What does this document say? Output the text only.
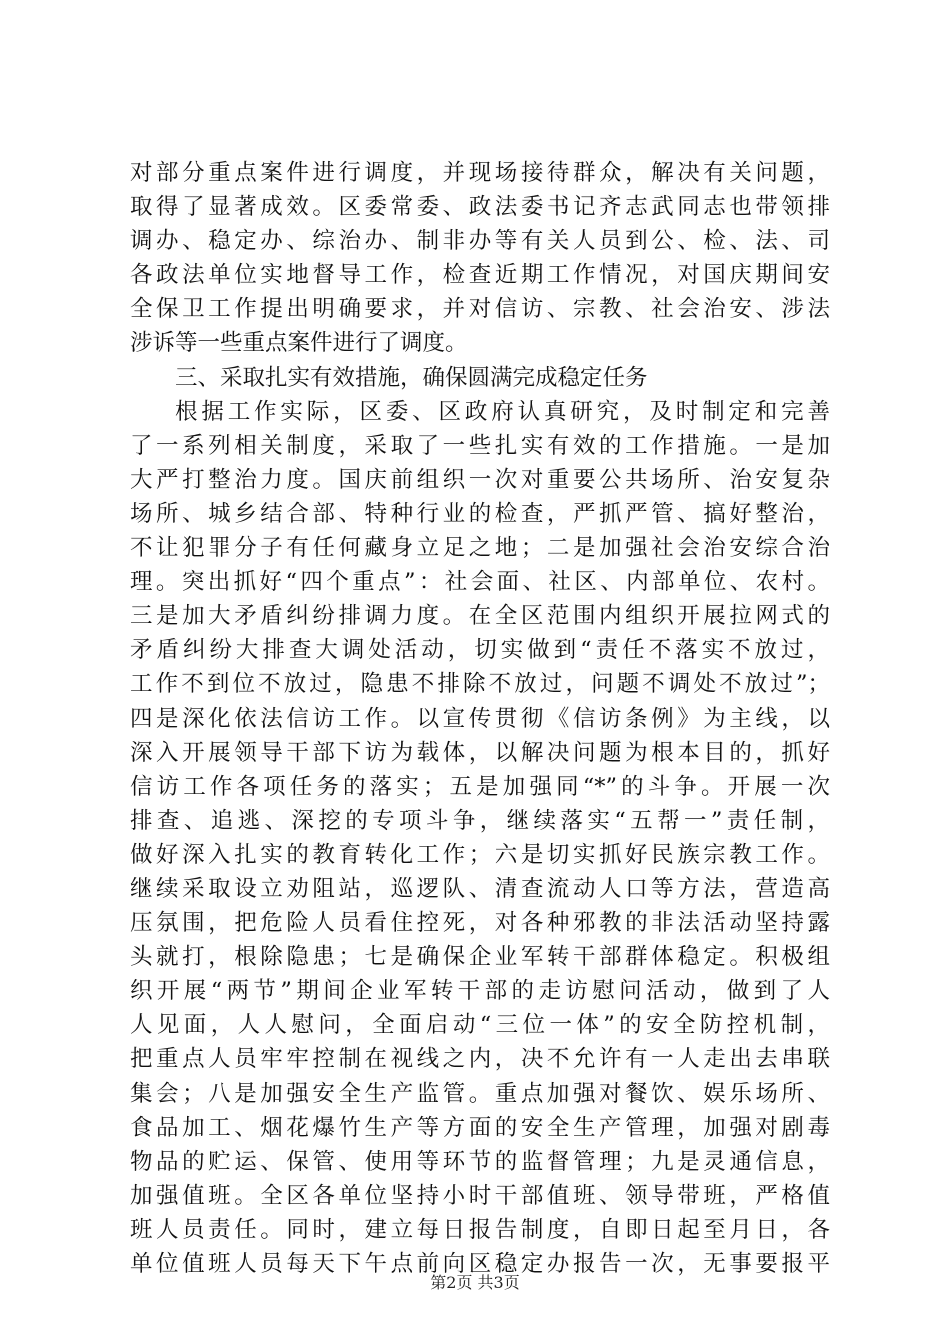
对部分重点案件进行调度，并现场接待群众，解决有关问题，
取得了显著成效。区委常委、政法委书记齐志武同志也带领排
调办、稳定办、综治办、制非办等有关人员到公、检、法、司
各政法单位实地督导工作，检查近期工作情况，对国庆期间安
全保卫工作提出明确要求，并对信访、宗教、社会治安、涉法
涉诉等一些重点案件进行了调度。
三、采取扎实有效措施，确保圆满完成稳定任务
根据工作实际，区委、区政府认真研究，及时制定和完善
了一系列相关制度，采取了一些扎实有效的工作措施。一是加
大严打整治力度。国庆前组织一次对重要公共场所、治安复杂
场所、城乡结合部、特种行业的检查，严抓严管、搞好整治，
不让犯罪分子有任何藏身立足之地；二是加强社会治安综合治
理。突出抓好“四个重点”：社会面、社区、内部单位、农村。
三是加大矛盾纠纷排调力度。在全区范围内组织开展拉网式的
矛盾纠纷大排查大调处活动，切实做到“责任不落实不放过，
工作不到位不放过，隐患不排除不放过，问题不调处不放过”；
四是深化依法信访工作。以宣传贯彻《信访条例》为主线，以
深入开展领导干部下访为载体，以解决问题为根本目的，抓好
信访工作各项任务的落实；五是加强同“*”的斗争。开展一次
排查、追逃、深挖的专项斗争，继续落实“五帮一”责任制，
做好深入扎实的教育转化工作；六是切实抓好民族宗教工作。
继续采取设立劝阻站，巡逻队、清查流动人口等方法，营造高
压氛围，把危险人员看住控死，对各种邪教的非法活动坚持露
头就打，根除隐患；七是确保企业军转干部群体稳定。积极组
织开展“两节”期间企业军转干部的走访慰问活动，做到了人
人见面，人人慰问，全面启动“三位一体”的安全防控机制，
把重点人员牢牢控制在视线之内，决不允许有一人走出去串联
集会；八是加强安全生产监管。重点加强对餐饮、娱乐场所、
食品加工、烟花爆竹生产等方面的安全生产管理，加强对剧毒
物品的贮运、保管、使用等环节的监督管理；九是灵通信息，
加强值班。全区各单位坚持小时干部值班、领导带班，严格值
班人员责任。同时，建立每日报告制度，自即日起至月日，各
单位值班人员每天下午点前向区稳定办报告一次，无事要报平
第2页 共3页
